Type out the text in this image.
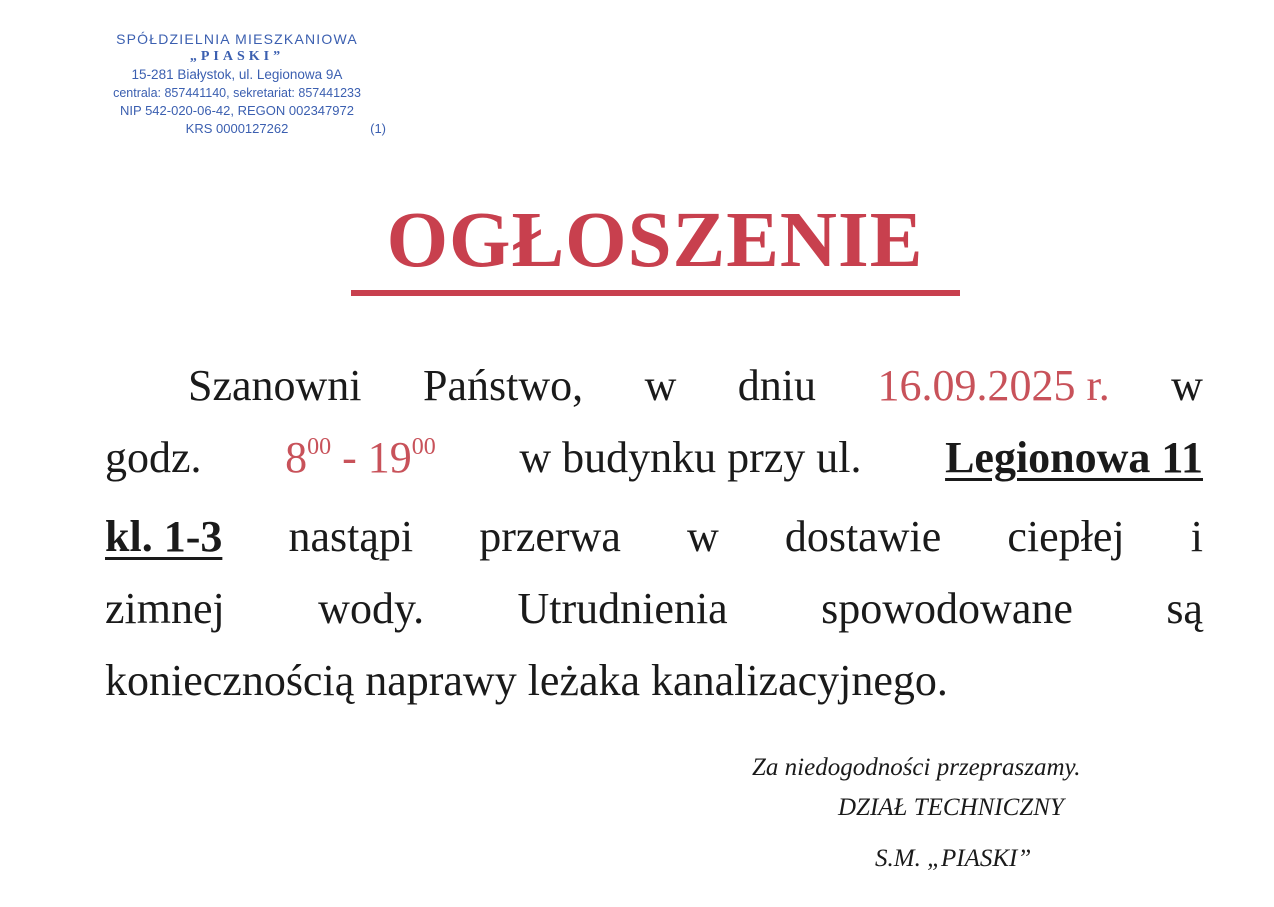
SPÓŁDZIELNIA MIESZKANIOWA
„PIASKI”
15-281 Białystok, ul. Legionowa 9A
centrala: 857441140, sekretariat: 857441233
NIP 542-020-06-42, REGON 002347972
KRS 0000127262	(1)
OGŁOSZENIE
Szanowni Państwo, w dniu 16.09.2025 r. w
godz. $8^{00} - 19^{00}$ w budynku przy ul. Legionowa 11
kl. 1-3 nastąpi przerwa w dostawie ciepłej i
zimnej wody. Utrudnienia spowodowane są
koniecznością naprawy leżaka kanalizacyjnego.
Za niedogodności przepraszamy.
DZIAŁ TECHNICZNY
S.M. „PIASKI”
